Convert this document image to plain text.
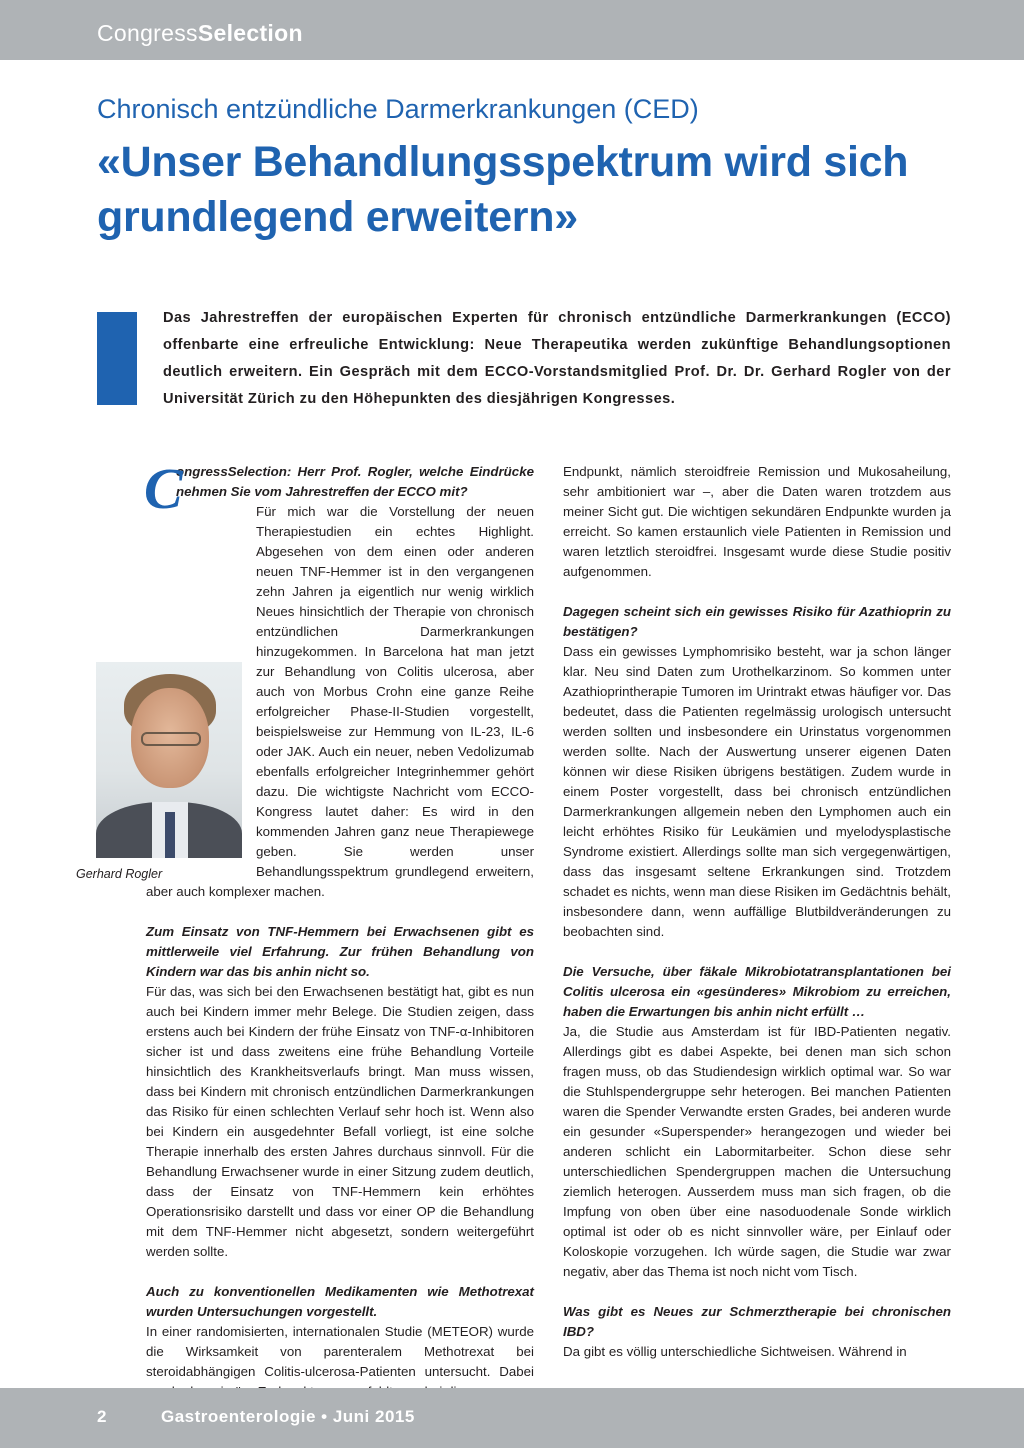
CongressSelection
Chronisch entzündliche Darmerkrankungen (CED)
«Unser Behandlungsspektrum wird sich grundlegend erweitern»

Das Jahrestreffen der europäischen Experten für chronisch entzündliche Darmerkrankungen (ECCO) offenbarte eine erfreuliche Entwicklung: Neue Therapeutika werden zukünftige Behandlungsoptionen deutlich erweitern. Ein Gespräch mit dem ECCO-Vorstandsmitglied Prof. Dr. Dr. Gerhard Rogler von der Universität Zürich zu den Höhepunkten des diesjährigen Kongresses.

C

ongressSelection: Herr Prof. Rogler, welche Eindrücke nehmen Sie vom Jahrestreffen der ECCO mit?

Gerhard Rogler

Für mich war die Vorstellung der neuen Therapiestudien ein echtes Highlight. Abgesehen von dem einen oder anderen neuen TNF-Hemmer ist in den vergangenen zehn Jahren ja eigentlich nur wenig wirklich Neues hinsichtlich der Therapie von chronisch entzündlichen Darmerkrankungen hinzugekommen. In Barcelona hat man jetzt zur Behandlung von Colitis ulcerosa, aber auch von Morbus Crohn eine ganze Reihe erfolgreicher Phase-II-Studien vorgestellt, beispielsweise zur Hemmung von IL-23, IL-6 oder JAK. Auch ein neuer, neben Vedolizumab ebenfalls erfolgreicher Integrinhemmer gehört dazu. Die wichtigste Nachricht vom ECCO-Kongress lautet daher: Es wird in den kommenden Jahren ganz neue Therapiewege geben. Sie werden unser Behandlungsspektrum grundlegend erweitern, aber auch komplexer machen.

Zum Einsatz von TNF-Hemmern bei Erwachsenen gibt es mittlerweile viel Erfahrung. Zur frühen Behandlung von Kindern war das bis anhin nicht so.

Für das, was sich bei den Erwachsenen bestätigt hat, gibt es nun auch bei Kindern immer mehr Belege. Die Studien zeigen, dass erstens auch bei Kindern der frühe Einsatz von TNF-α-Inhibitoren sicher ist und dass zweitens eine frühe Behandlung Vorteile hinsichtlich des Krankheitsverlaufs bringt. Man muss wissen, dass bei Kindern mit chronisch entzündlichen Darmerkrankungen das Risiko für einen schlechten Verlauf sehr hoch ist. Wenn also bei Kindern ein ausgedehnter Befall vorliegt, ist eine solche Therapie innerhalb des ersten Jahres durchaus sinnvoll. Für die Behandlung Erwachsener wurde in einer Sitzung zudem deutlich, dass der Einsatz von TNF-Hemmern kein erhöhtes Operationsrisiko darstellt und dass vor einer OP die Behandlung mit dem TNF-Hemmer nicht abgesetzt, sondern weitergeführt werden sollte.

Auch zu konventionellen Medikamenten wie Methotrexat wurden Untersuchungen vorgestellt.

In einer randomisierten, internationalen Studie (METEOR) wurde die Wirksamkeit von parenteralem Methotrexat bei steroidabhängigen Colitis-ulcerosa-Patienten untersucht. Dabei

Endpunkt, nämlich steroidfreie Remission und Mukosaheilung, sehr ambitioniert war –, aber die Daten waren trotzdem aus meiner Sicht gut. Die wichtigen sekundären Endpunkte wurden ja erreicht. So kamen erstaunlich viele Patienten in Remission und waren letztlich steroidfrei. Insgesamt wurde diese Studie positiv aufgenommen.

Dagegen scheint sich ein gewisses Risiko für Azathioprin zu bestätigen?

Dass ein gewisses Lymphomrisiko besteht, war ja schon länger klar. Neu sind Daten zum Urothelkarzinom. So kommen unter Azathioprintherapie Tumoren im Urintrakt etwas häufiger vor. Das bedeutet, dass die Patienten regelmässig urologisch untersucht werden sollten und insbesondere ein Urinstatus vorgenommen werden sollte. Nach der Auswertung unserer eigenen Daten können wir diese Risiken übrigens bestätigen. Zudem wurde in einem Poster vorgestellt, dass bei chronisch entzündlichen Darmerkrankungen allgemein neben den Lymphomen auch ein leicht erhöhtes Risiko für Leukämien und myelodysplastische Syndrome existiert. Allerdings sollte man sich vergegenwärtigen, dass das insgesamt seltene Erkrankungen sind. Trotzdem schadet es nichts, wenn man diese Risiken im Gedächtnis behält, insbesondere dann, wenn auffällige Blutbildveränderungen zu beobachten sind.

Die Versuche, über fäkale Mikrobiotatransplantationen bei Colitis ulcerosa ein «gesünderes» Mikrobiom zu erreichen, haben die Erwartungen bis anhin nicht erfüllt …

Ja, die Studie aus Amsterdam ist für IBD-Patienten negativ. Allerdings gibt es dabei Aspekte, bei denen man sich schon fragen muss, ob das Studiendesign wirklich optimal war. So war die Stuhlspendergruppe sehr heterogen. Bei manchen Patienten waren die Spender Verwandte ersten Grades, bei anderen wurde ein gesunder «Superspender» herangezogen und wieder bei anderen schlicht ein Labormitarbeiter. Schon diese sehr unterschiedlichen Spendergruppen machen die Untersuchung ziemlich heterogen. Ausserdem muss man sich fragen, ob die Impfung von oben über eine nasoduodenale Sonde wirklich optimal ist oder ob es nicht sinnvoller wäre, per Einlauf oder Koloskopie vorzugehen. Ich würde sagen, die Studie war zwar negativ, aber das Thema ist noch nicht vom Tisch.

Was gibt es Neues zur Schmerztherapie bei chronischen IBD?

Da gibt es völlig unterschiedliche Sichtweisen. Während in

2	Gastroenterologie • Juni 2015
